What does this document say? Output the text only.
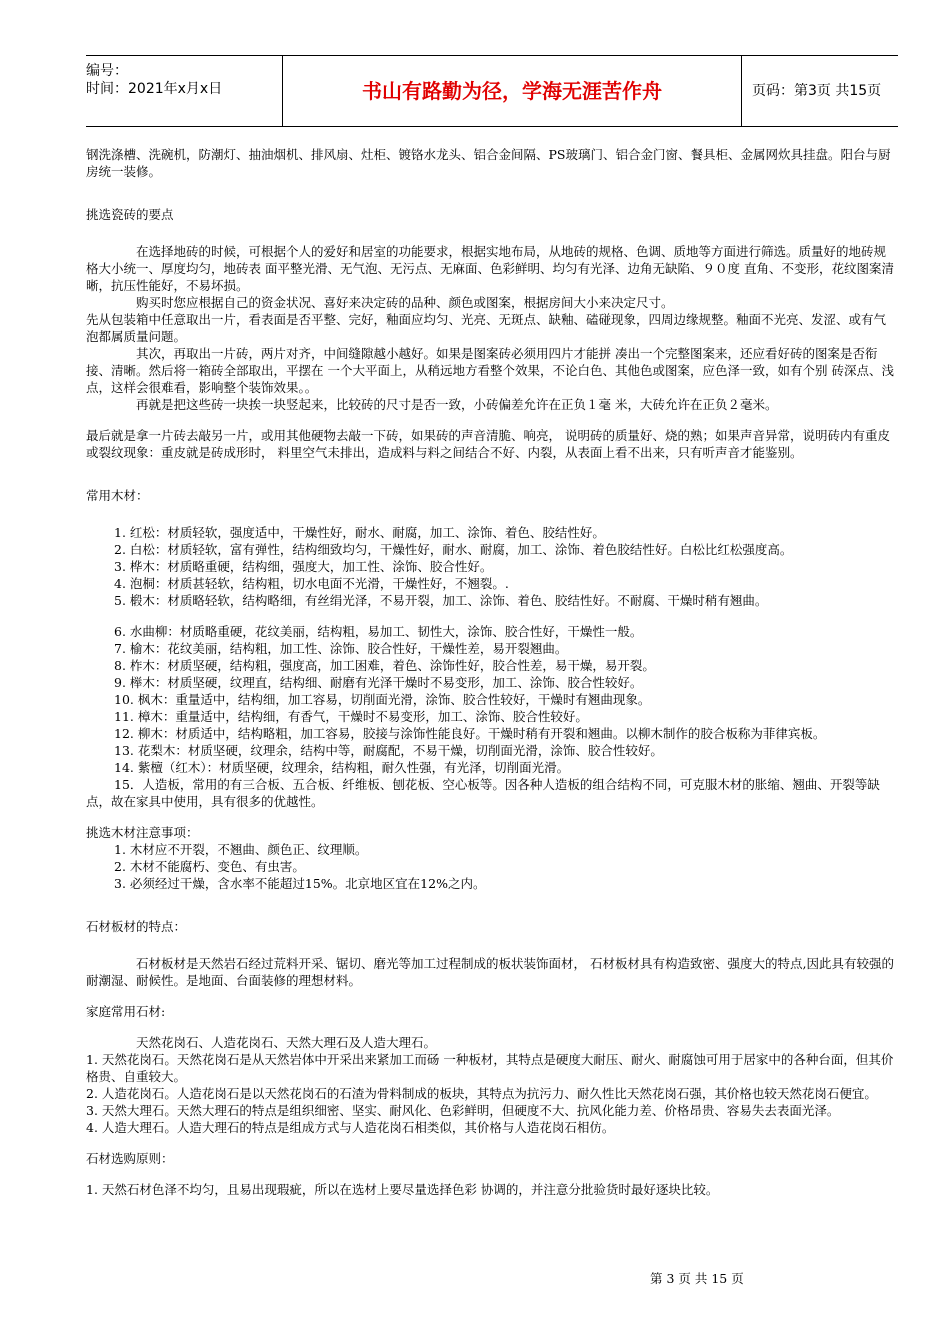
编号：
时间：2021年x月x日	书山有路勤为径，学海无涯苦作舟	页码：第3页 共15页

钢洗涤槽、洗碗机，防潮灯、抽油烟机、排风扇、灶柜、镀铬水龙头、铝合金间隔、PS玻璃门、铝合金门窗、餐具柜、金属网炊具挂盘。阳台与厨房统一装修。

挑选瓷砖的要点

在选择地砖的时候，可根据个人的爱好和居室的功能要求，根据实地布局，从地砖的规格、色调、质地等方面进行筛选。质量好的地砖规格大小统一、厚度均匀，地砖表 面平整光滑、无气泡、无污点、无麻面、色彩鲜明、均匀有光泽、边角无缺陷、９０度 直角、不变形，花纹图案清晰，抗压性能好，不易坏损。

购买时您应根据自己的资金状况、喜好来决定砖的品种、颜色或图案，根据房间大小来决定尺寸。

先从包装箱中任意取出一片，看表面是否平整、完好，釉面应均匀、光亮、无斑点、缺釉、磕碰现象，四周边缘规整。釉面不光亮、发涩、或有气泡都属质量问题。

其次，再取出一片砖，两片对齐，中间缝隙越小越好。如果是图案砖必须用四片才能拼 凑出一个完整图案来，还应看好砖的图案是否衔接、清晰。然后将一箱砖全部取出，平摆在 一个大平面上，从稍远地方看整个效果，不论白色、其他色或图案，应色泽一致，如有个别 砖深点、浅点，这样会很难看，影响整个装饰效果。。

再就是把这些砖一块挨一块竖起来，比较砖的尺寸是否一致，小砖偏差允许在正负１毫 米，大砖允许在正负２毫米。

最后就是拿一片砖去敲另一片，或用其他硬物去敲一下砖，如果砖的声音清脆、响亮， 说明砖的质量好、烧的熟；如果声音异常，说明砖内有重皮或裂纹现象：重皮就是砖成形时， 料里空气未排出，造成料与料之间结合不好、内裂，从表面上看不出来，只有听声音才能鉴别。

常用木材：

1. 红松：材质轻软，强度适中，干燥性好，耐水、耐腐，加工、涂饰、着色、胶结性好。

2. 白松：材质轻软，富有弹性，结构细致均匀，干燥性好，耐水、耐腐，加工、涂饰、着色胶结性好。白松比红松强度高。

3. 桦木：材质略重硬，结构细，强度大，加工性、涂饰、胶合性好。

4. 泡桐：材质甚轻软，结构粗，切水电面不光滑，干燥性好，不翘裂。.

5. 椴木：材质略轻软，结构略细，有丝绢光泽，不易开裂，加工、涂饰、着色、胶结性好。不耐腐、干燥时稍有翘曲。

6. 水曲柳：材质略重硬，花纹美丽，结构粗，易加工、韧性大，涂饰、胶合性好，干燥性一般。

7. 榆木：花纹美丽，结构粗，加工性、涂饰、胶合性好，干燥性差，易开裂翘曲。

8. 柞木：材质坚硬，结构粗，强度高，加工困难，着色、涂饰性好，胶合性差，易干燥，易开裂。

9. 榉木：材质坚硬，纹理直，结构细、耐磨有光泽干燥时不易变形，加工、涂饰、胶合性较好。

10. 枫木：重量适中，结构细，加工容易，切削面光滑，涂饰、胶合性较好，干燥时有翘曲现象。

11. 樟木：重量适中，结构细，有香气，干燥时不易变形，加工、涂饰、胶合性较好。

12. 柳木：材质适中，结构略粗，加工容易，胶接与涂饰性能良好。干燥时稍有开裂和翘曲。以柳木制作的胶合板称为菲律宾板。

13. 花梨木：材质坚硬，纹理余，结构中等，耐腐配，不易干燥，切削面光滑，涂饰、胶合性较好。

14. 紫檀（红木）：材质坚硬，纹理余，结构粗，耐久性强，有光泽，切削面光滑。

15．人造板，常用的有三合板、五合板、纤维板、刨花板、空心板等。因各种人造板的组合结构不同，可克服木材的胀缩、翘曲、开裂等缺点，故在家具中使用，具有很多的优越性。

挑选木材注意事项：

1. 木材应不开裂，不翘曲、颜色正、纹理顺。

2. 木材不能腐朽、变色、有虫害。

3. 必须经过干燥，含水率不能超过15%。北京地区宜在12%之内。

石材板材的特点：

石材板材是天然岩石经过荒料开采、锯切、磨光等加工过程制成的板状装饰面材， 石材板材具有构造致密、强度大的特点,因此具有较强的耐潮湿、耐候性。是地面、台面装修的理想材料。

家庭常用石材:

天然花岗石、人造花岗石、天然大理石及人造大理石。

1. 天然花岗石。天然花岗石是从天然岩体中开采出来紧加工而砀 一种板材，其特点是硬度大耐压、耐火、耐腐蚀可用于居家中的各种台面，但其价格贵、自重较大。

2. 人造花岗石。人造花岗石是以天然花岗石的石渣为骨料制成的板块，其特点为抗污力、耐久性比天然花岗石强，其价格也较天然花岗石便宜。

3. 天然大理石。天然大理石的特点是组织细密、坚实、耐风化、色彩鲜明，但硬度不大、抗风化能力差、价格昂贵、容易失去表面光泽。

4. 人造大理石。人造大理石的特点是组成方式与人造花岗石相类似，其价格与人造花岗石相仿。

石材选购原则：

1. 天然石材色泽不均匀，且易出现瑕疵，所以在选材上要尽量选择色彩 协调的，并注意分批验货时最好逐块比较。

第 3 页 共 15 页
